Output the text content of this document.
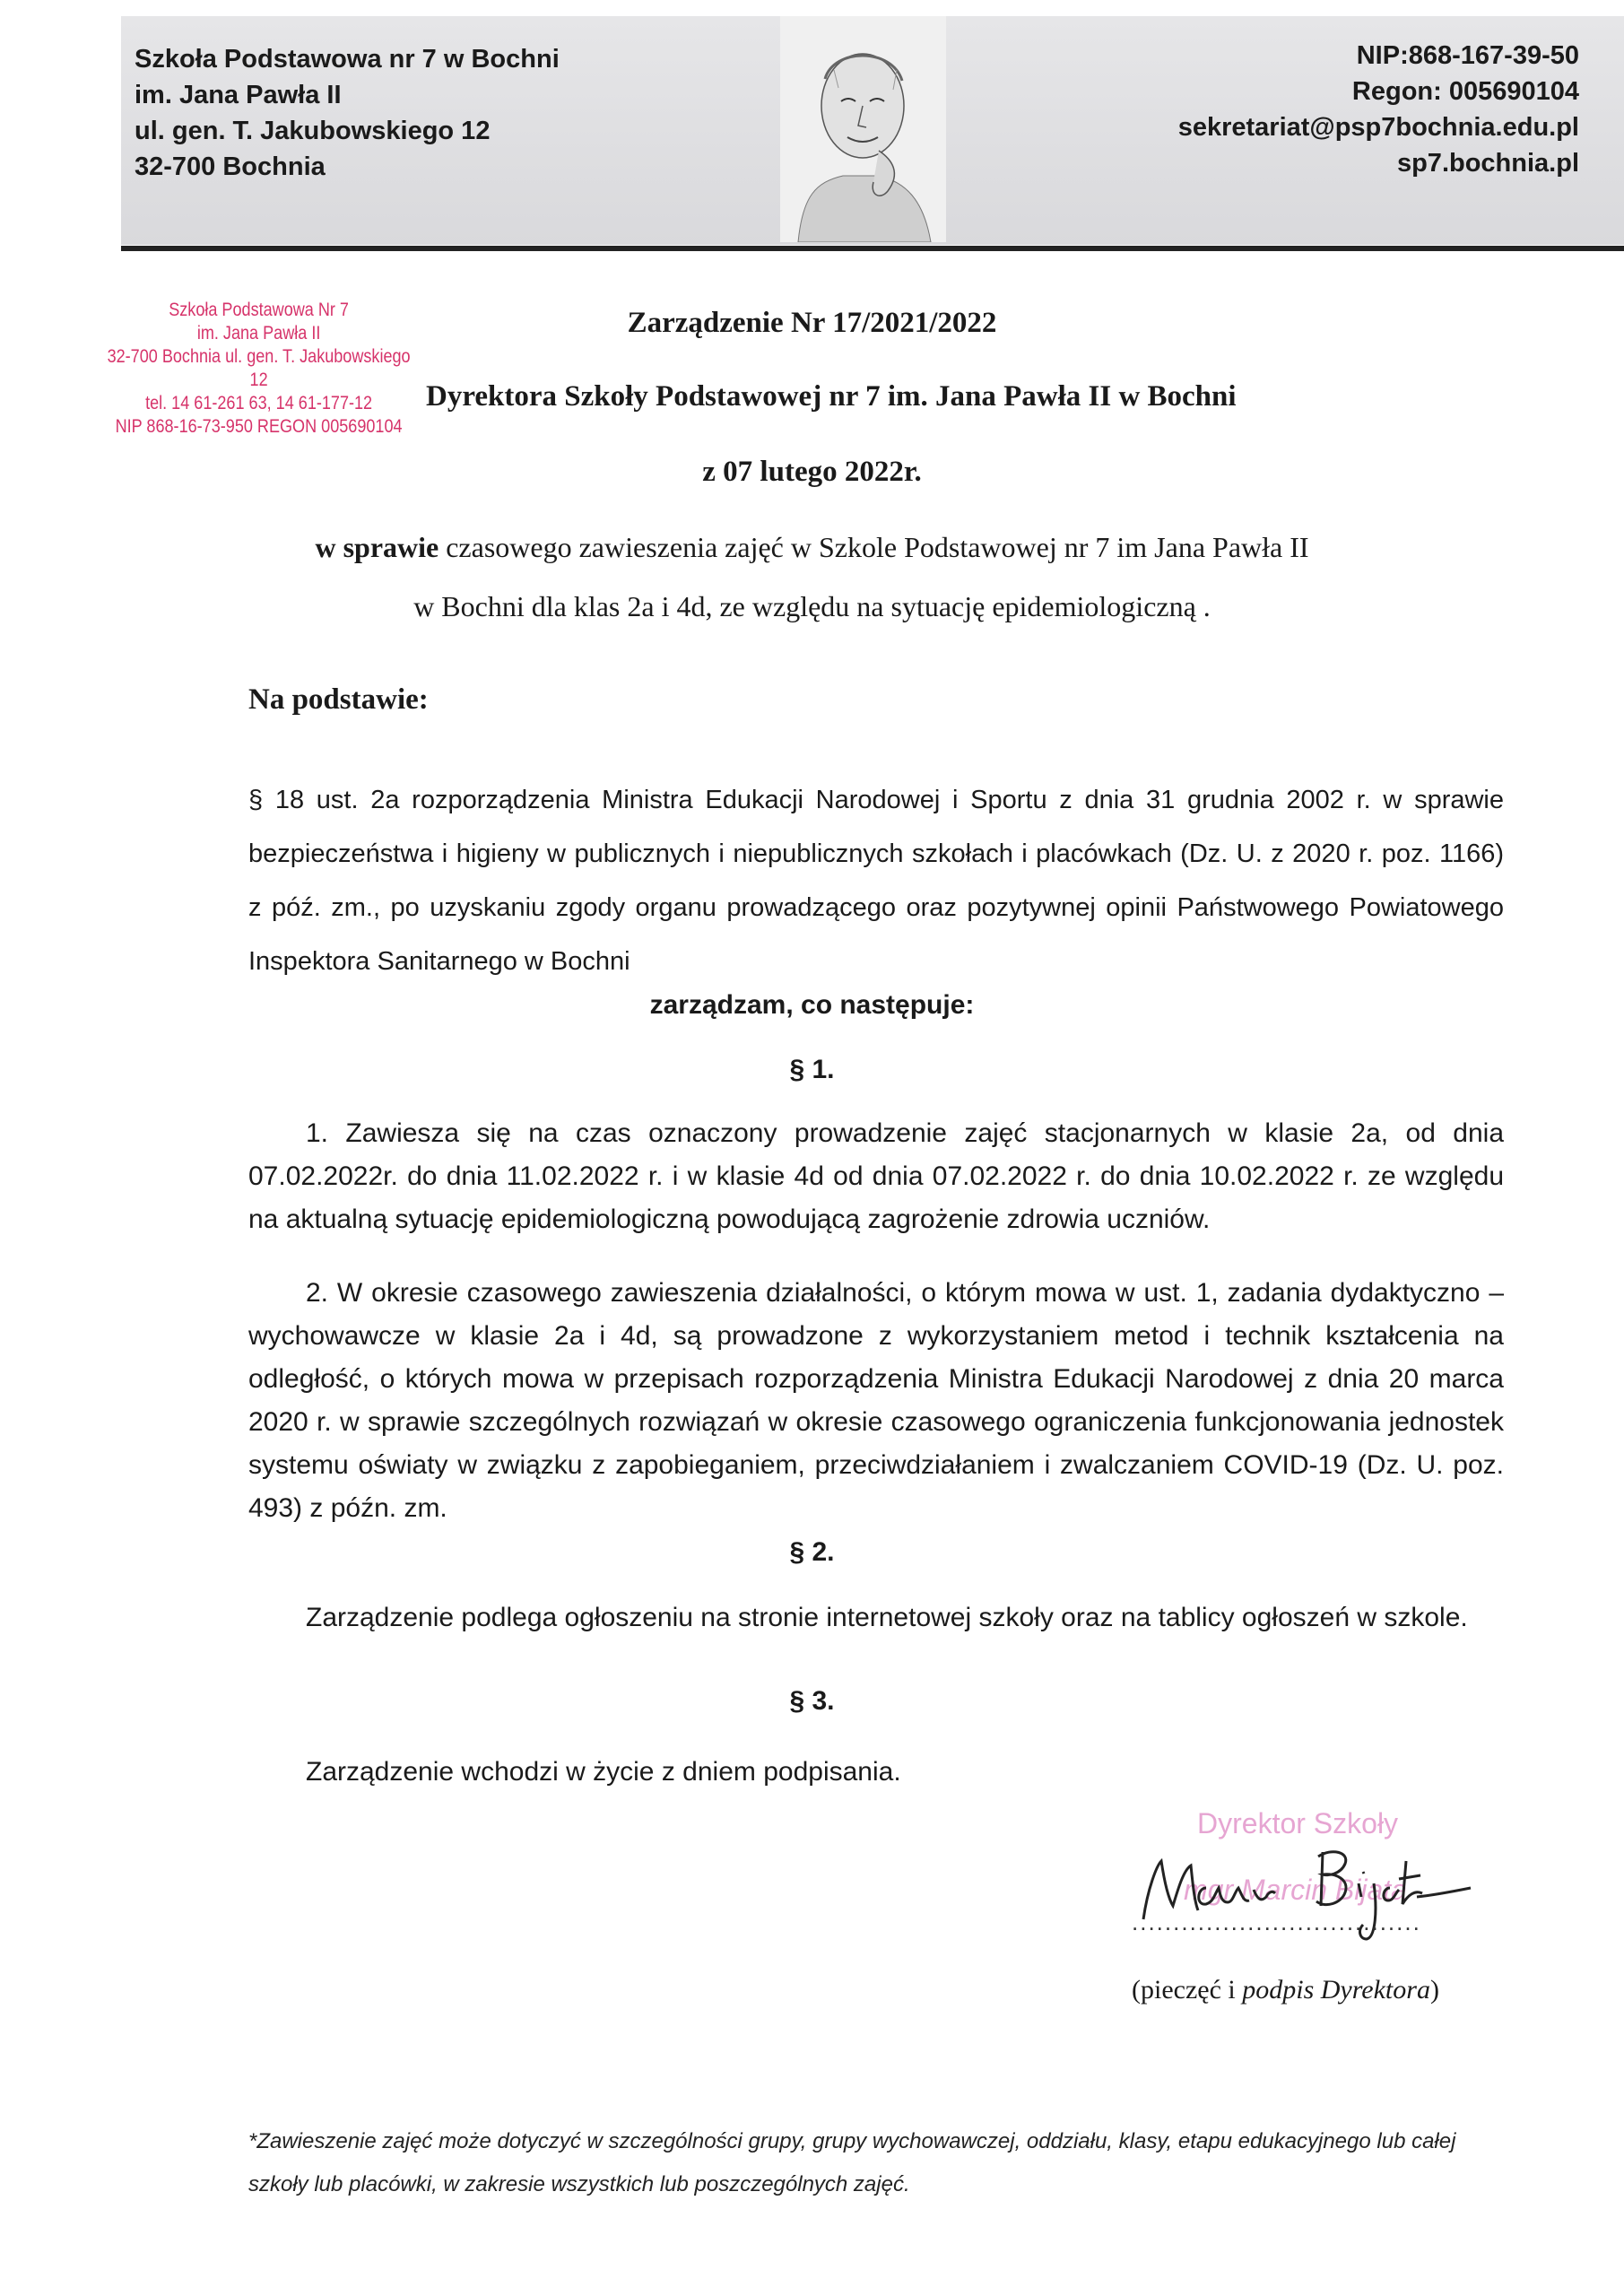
Szkoła Podstawowa nr 7 w Bochni
im. Jana Pawła II
ul. gen. T. Jakubowskiego 12
32-700 Bochnia
NIP:868-167-39-50
Regon: 005690104
sekretariat@psp7bochnia.edu.pl
sp7.bochnia.pl
Szkoła Podstawowa Nr 7
im. Jana Pawła II
32-700 Bochnia ul. gen. T. Jakubowskiego 12
tel. 14 61-261 63, 14 61-177-12
NIP 868-16-73-950 REGON 005690104
Zarządzenie Nr 17/2021/2022
Dyrektora Szkoły Podstawowej nr 7 im. Jana Pawła II w Bochni
z 07 lutego 2022r.
w sprawie czasowego zawieszenia zajęć w Szkole Podstawowej nr 7 im Jana Pawła II
w Bochni dla klas 2a i 4d, ze względu na sytuację epidemiologiczną .
Na podstawie:
§ 18 ust. 2a rozporządzenia Ministra Edukacji Narodowej i Sportu z dnia 31 grudnia 2002 r. w sprawie bezpieczeństwa i higieny w publicznych i niepublicznych szkołach i placówkach (Dz. U. z 2020 r. poz. 1166) z póź. zm., po uzyskaniu zgody organu prowadzącego oraz pozytywnej opinii Państwowego Powiatowego Inspektora Sanitarnego w Bochni
zarządzam, co następuje:
§ 1.
1. Zawiesza się na czas oznaczony prowadzenie zajęć stacjonarnych w klasie 2a, od dnia 07.02.2022r. do dnia 11.02.2022 r. i w klasie 4d od dnia 07.02.2022 r. do dnia 10.02.2022 r. ze względu na aktualną sytuację epidemiologiczną powodującą zagrożenie zdrowia uczniów.
2. W okresie czasowego zawieszenia działalności, o którym mowa w ust. 1, zadania dydaktyczno – wychowawcze w klasie 2a i 4d, są prowadzone z wykorzystaniem metod i technik kształcenia na odległość, o których mowa w przepisach rozporządzenia Ministra Edukacji Narodowej z dnia 20 marca 2020 r. w sprawie szczególnych rozwiązań w okresie czasowego ograniczenia funkcjonowania jednostek systemu oświaty w związku z zapobieganiem, przeciwdziałaniem i zwalczaniem COVID-19 (Dz. U. poz. 493) z późn. zm.
§ 2.
Zarządzenie podlega ogłoszeniu na stronie internetowej szkoły oraz na tablicy ogłoszeń w szkole.
§ 3.
Zarządzenie wchodzi w życie z dniem podpisania.
Dyrektor Szkoły
mgr Marcin Bijata
...................................
(pieczęć i podpis Dyrektora)
*Zawieszenie zajęć może dotyczyć w szczególności grupy, grupy wychowawczej, oddziału, klasy, etapu edukacyjnego lub całej szkoły lub placówki, w zakresie wszystkich lub poszczególnych zajęć.
